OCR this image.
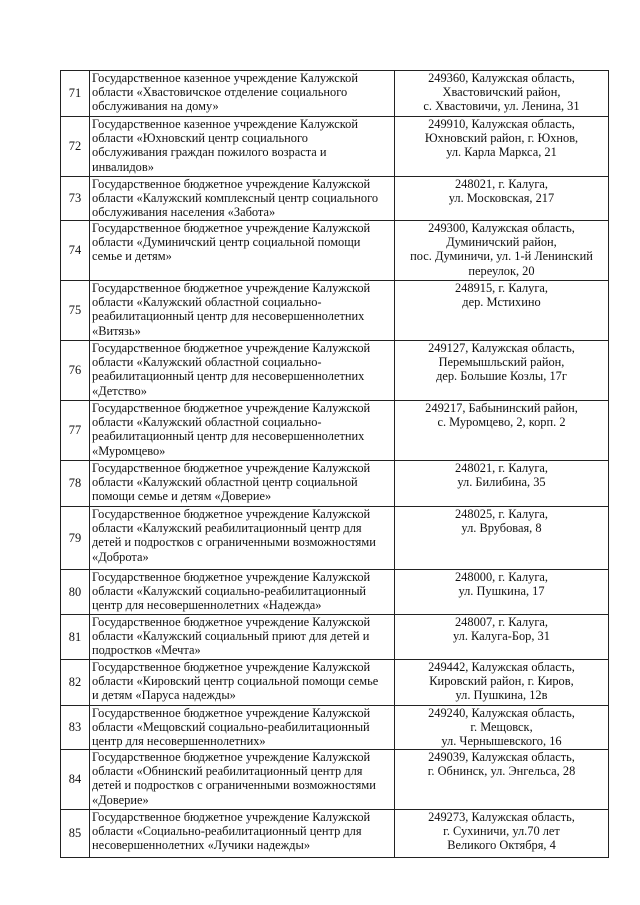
71	Государственное казенное учреждение Калужской
области «Хвастовичское отделение социального
обслуживания на дому»	249360, Калужская область,
Хвастовичский район,
с. Хвастовичи, ул. Ленина, 31

72	Государственное казенное учреждение Калужской
области «Юхновский центр социального
обслуживания граждан пожилого возраста и
инвалидов»	249910, Калужская область,
Юхновский район, г. Юхнов,
ул. Карла Маркса, 21

73	Государственное бюджетное учреждение Калужской
области «Калужский комплексный центр социального
обслуживания населения «Забота»	248021, г. Калуга,
ул. Московская, 217

74	Государственное бюджетное учреждение Калужской
области «Думиничский центр социальной помощи
семье и детям»	249300, Калужская область,
Думиничский район,
пос. Думиничи, ул. 1-й Ленинский
переулок, 20

75	Государственное бюджетное учреждение Калужской
области «Калужский областной социально-
реабилитационный центр для несовершеннолетних
«Витязь»	248915, г. Калуга,
дер. Мстихино

76	Государственное бюджетное учреждение Калужской
области «Калужский областной социально-
реабилитационный центр для несовершеннолетних
«Детство»	249127, Калужская область,
Перемышльский район,
дер. Большие Козлы, 17г

77	Государственное бюджетное учреждение Калужской
области «Калужский областной социально-
реабилитационный центр для несовершеннолетних
«Муромцево»	249217, Бабынинский район,
с. Муромцево, 2, корп. 2

78	Государственное бюджетное учреждение Калужской
области «Калужский областной центр социальной
помощи семье и детям «Доверие»	248021, г. Калуга,
ул. Билибина, 35

79	Государственное бюджетное учреждение Калужской
области «Калужский реабилитационный центр для
детей и подростков с ограниченными возможностями
«Доброта»	248025, г. Калуга,
ул. Врубовая, 8

80	Государственное бюджетное учреждение Калужской
области «Калужский социально-реабилитационный
центр для несовершеннолетних «Надежда»	248000, г. Калуга,
ул. Пушкина, 17

81	Государственное бюджетное учреждение Калужской
области «Калужский социальный приют для детей и
подростков «Мечта»	248007, г. Калуга,
ул. Калуга-Бор, 31

82	Государственное бюджетное учреждение Калужской
области «Кировский центр социальной помощи семье
и детям «Паруса надежды»	249442, Калужская область,
Кировский район, г. Киров,
ул. Пушкина, 12в

83	Государственное бюджетное учреждение Калужской
области «Мещовский социально-реабилитационный
центр для несовершеннолетних»	249240, Калужская область,
г. Мещовск,
ул. Чернышевского, 16

84	Государственное бюджетное учреждение Калужской
области «Обнинский реабилитационный центр для
детей и подростков с ограниченными возможностями
«Доверие»	249039, Калужская область,
г. Обнинск, ул. Энгельса, 28

85	Государственное бюджетное учреждение Калужской
области «Социально-реабилитационный центр для
несовершеннолетних «Лучики надежды»	249273, Калужская область,
г. Сухиничи, ул.70 лет
Великого Октября, 4
